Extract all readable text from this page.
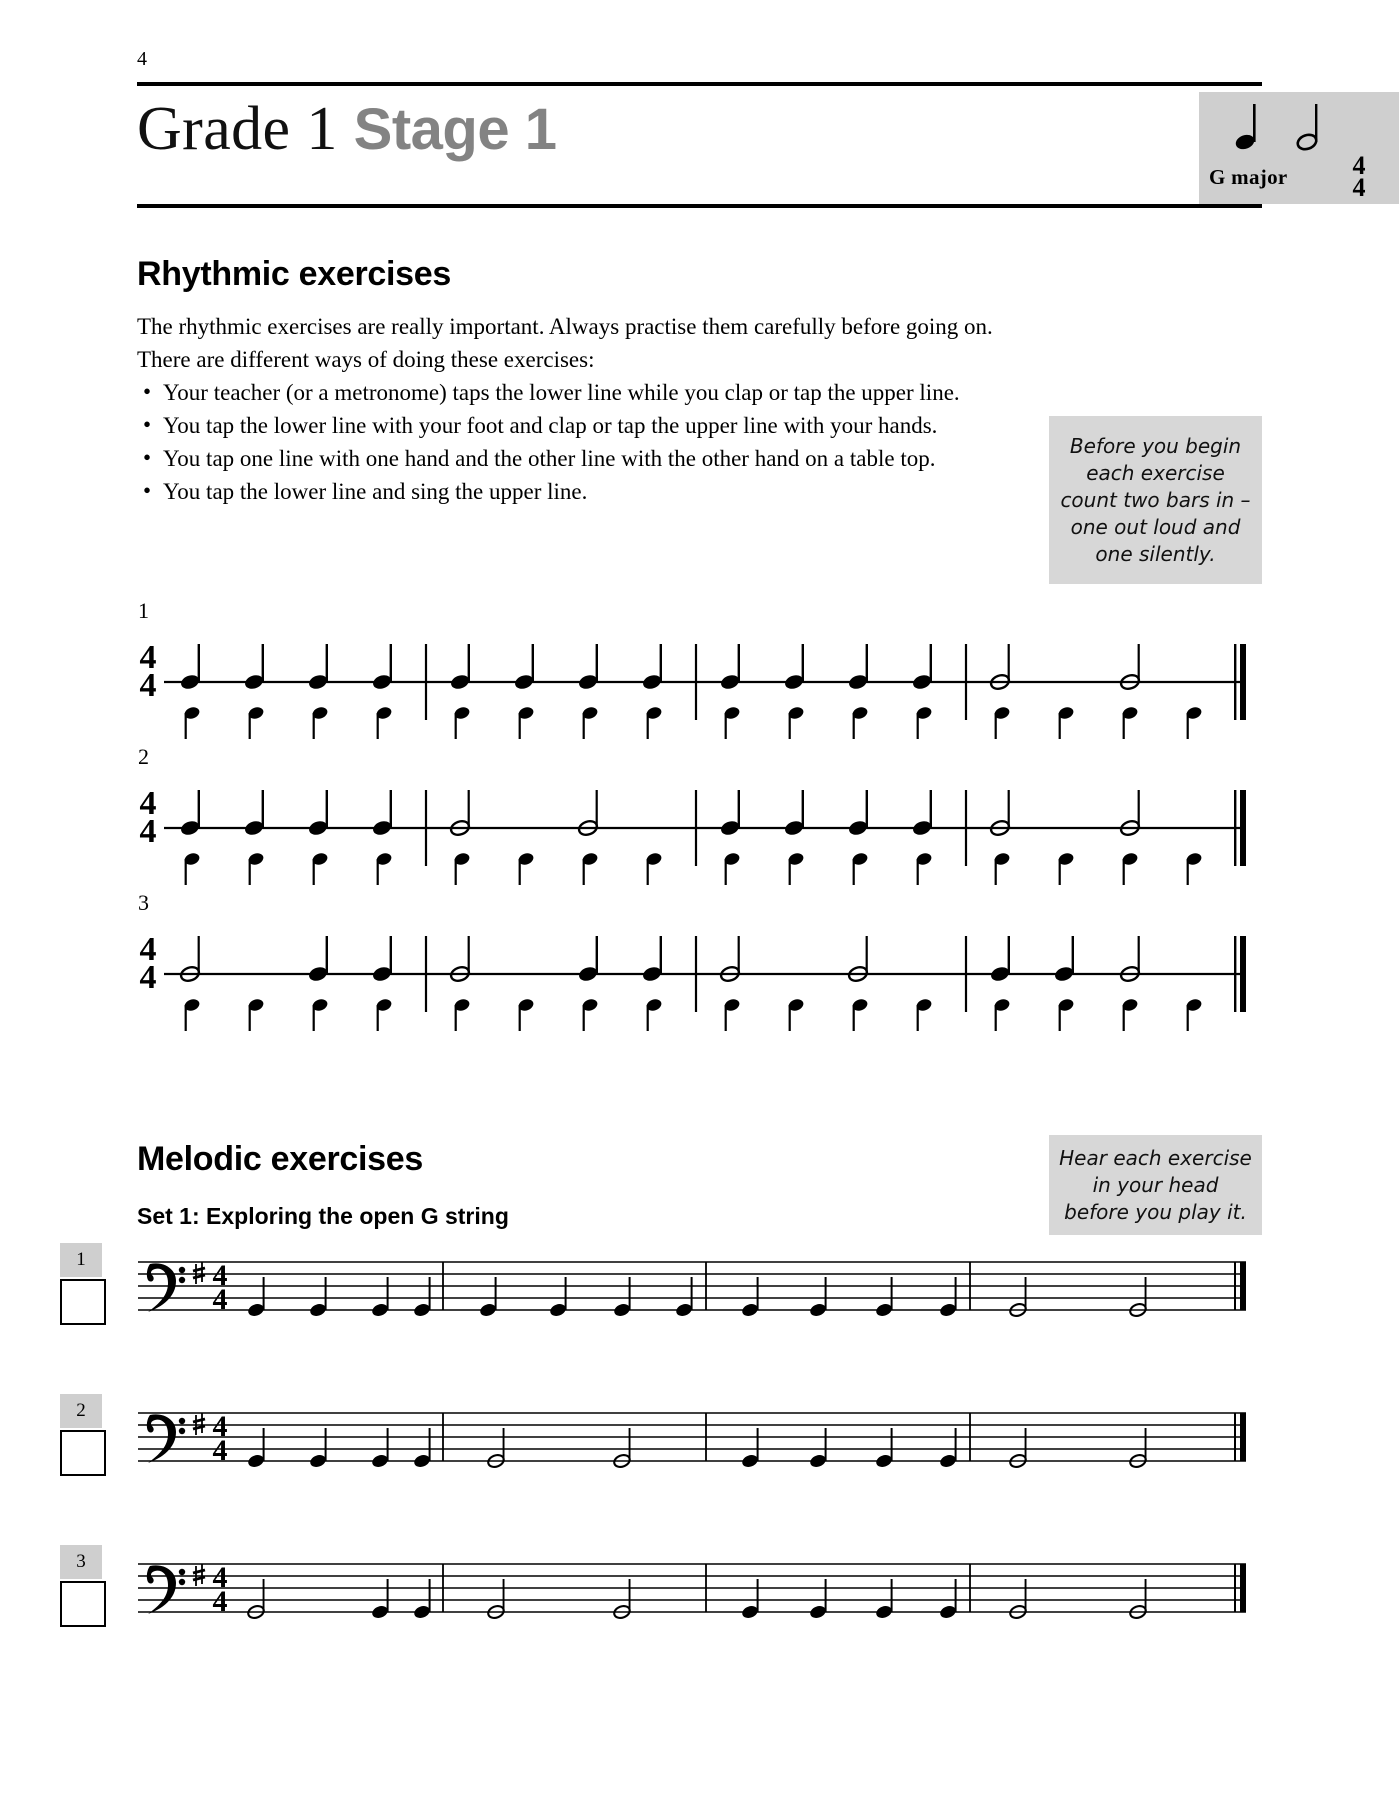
4
Grade 1 Stage 1
G major	4
4
Rhythmic exercises
The rhythmic exercises are really important. Always practise them carefully before going on. There are different ways of doing these exercises:
• Your teacher (or a metronome) taps the lower line while you clap or tap the upper line.
• You tap the lower line with your foot and clap or tap the upper line with your hands.
• You tap one line with one hand and the other line with the other hand on a table top.
• You tap the lower line and sing the upper line.
Before you begin each exercise count two bars in – one out loud and one silently.
1
4
4
2
4
4
3
4
4
Melodic exercises
Set 1: Exploring the open G string
Hear each exercise in your head before you play it.
1	4
4
2	4
4
3	4
4
